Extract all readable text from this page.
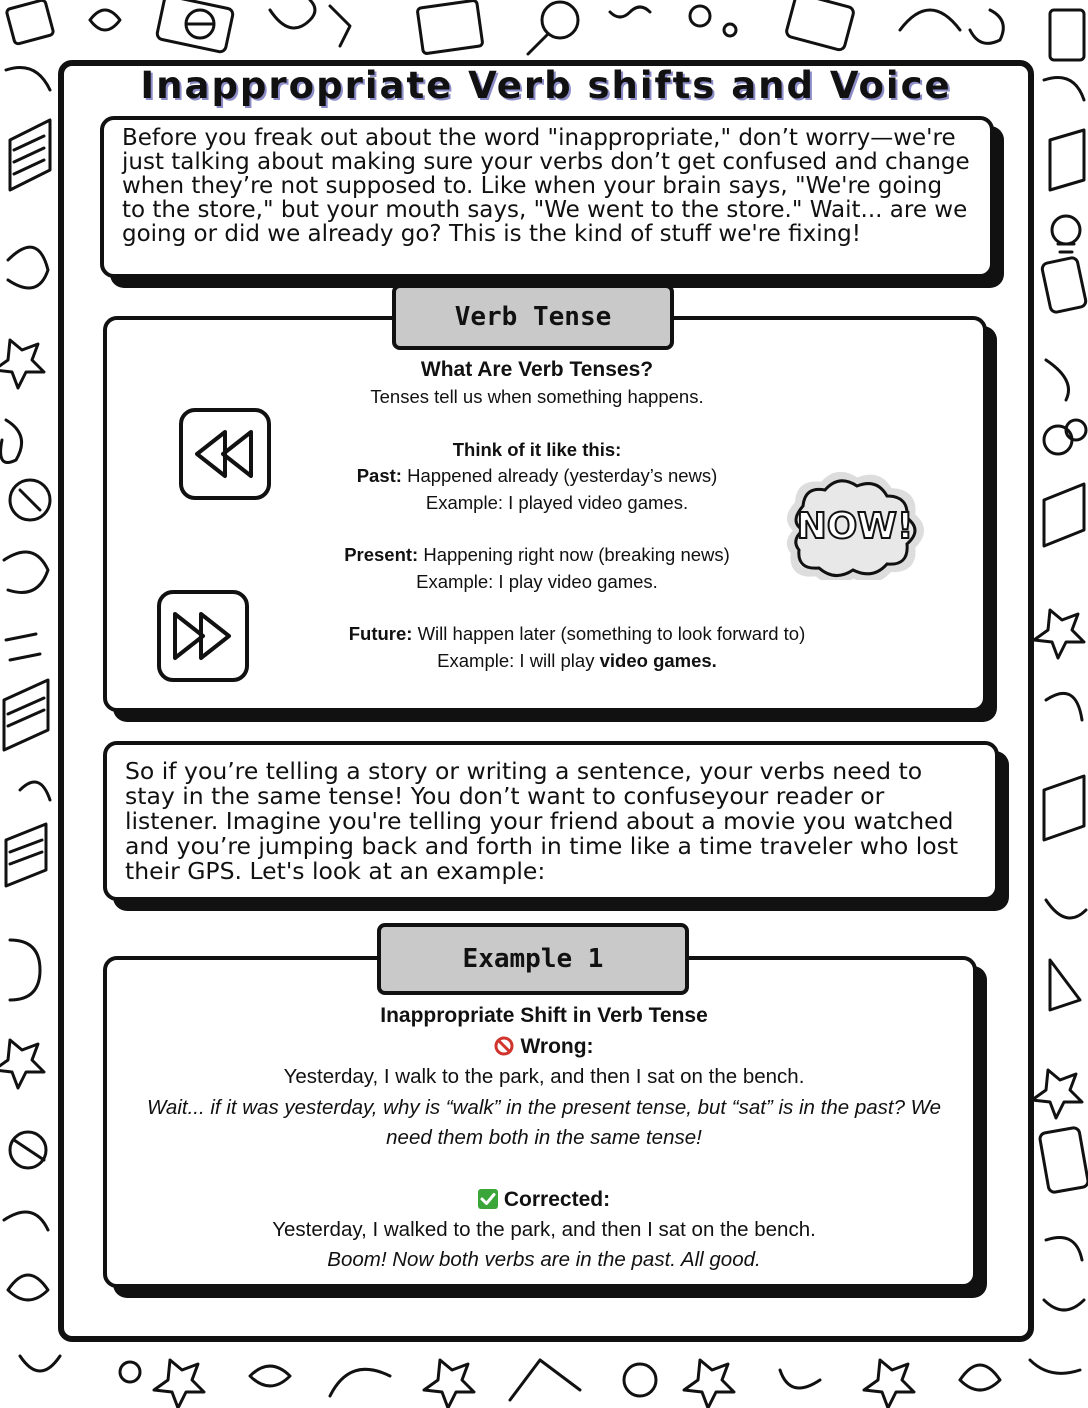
Inappropriate Verb shifts and Voice

Before you freak out about the word "inappropriate," don’t worry—we're just talking about making sure your verbs don’t get confused and change when they’re not supposed to. Like when your brain says, "We're going to the store," but your mouth says, "We went to the store." Wait... are we going or did we already go? This is the kind of stuff we're fixing!

Verb Tense
NOW!
What Are Verb Tenses?
Tenses tell us when something happens.
Think of it like this:
Past: Happened already (yesterday’s news)
Example: I played video games.
Present: Happening right now (breaking news)
Example: I play video games.
Future: Will happen later (something to look forward to)
Example: I will play video games.

So if you’re telling a story or writing a sentence, your verbs need to stay in the same tense! You don’t want to confuseyour reader or listener. Imagine you're telling your friend about a movie you watched and you’re jumping back and forth in time like a time traveler who lost their GPS. Let's look at an example:

Example 1
Inappropriate Shift in Verb Tense
Wrong:
Yesterday, I walk to the park, and then I sat on the bench.
Wait... if it was yesterday, why is “walk” in the present tense, but “sat” is in the past? We need them both in the same tense!
Corrected:
Yesterday, I walked to the park, and then I sat on the bench.
Boom! Now both verbs are in the past. All good.
